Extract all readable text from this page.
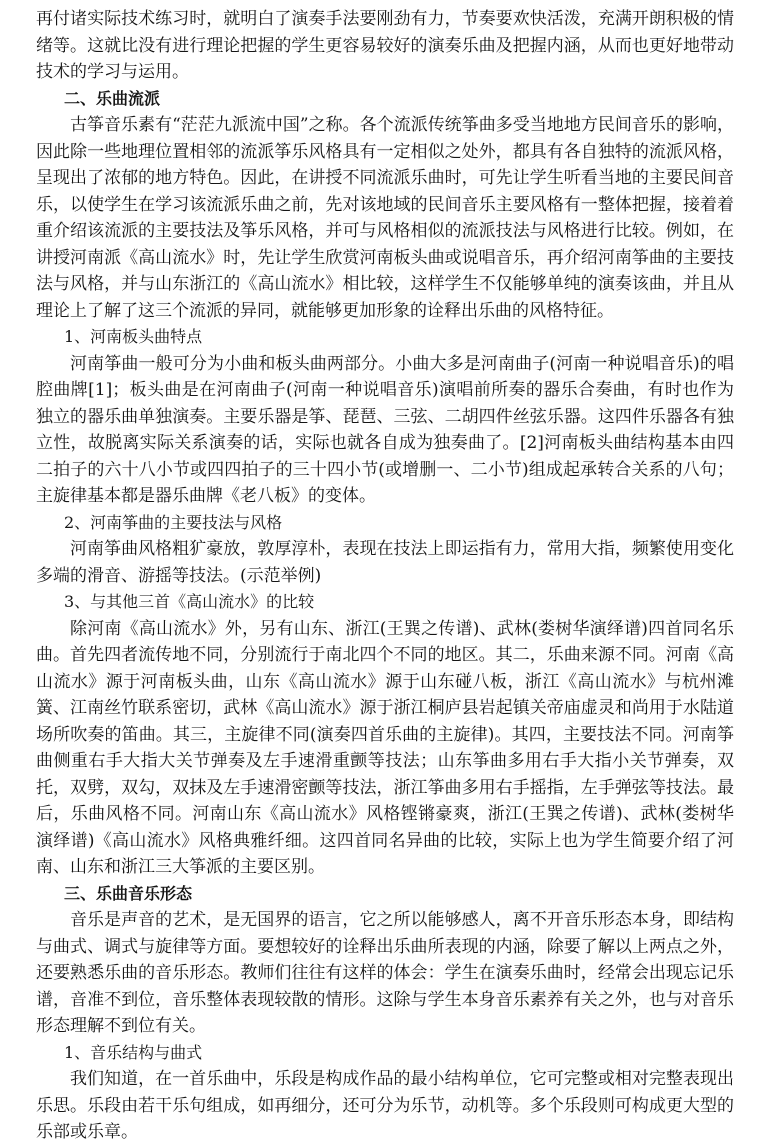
再付诸实际技术练习时，就明白了演奏手法要刚劲有力，节奏要欢快活泼，充满开朗积极的情绪等。这就比没有进行理论把握的学生更容易较好的演奏乐曲及把握内涵，从而也更好地带动技术的学习与运用。

二、乐曲流派

古筝音乐素有“茫茫九派流中国”之称。各个流派传统筝曲多受当地地方民间音乐的影响，因此除一些地理位置相邻的流派筝乐风格具有一定相似之处外，都具有各自独特的流派风格，呈现出了浓郁的地方特色。因此，在讲授不同流派乐曲时，可先让学生听看当地的主要民间音乐，以使学生在学习该流派乐曲之前，先对该地域的民间音乐主要风格有一整体把握，接着着重介绍该流派的主要技法及筝乐风格，并可与风格相似的流派技法与风格进行比较。例如，在讲授河南派《高山流水》时，先让学生欣赏河南板头曲或说唱音乐，再介绍河南筝曲的主要技法与风格，并与山东浙江的《高山流水》相比较，这样学生不仅能够单纯的演奏该曲，并且从理论上了解了这三个流派的异同，就能够更加形象的诠释出乐曲的风格特征。

1、河南板头曲特点

河南筝曲一般可分为小曲和板头曲两部分。小曲大多是河南曲子(河南一种说唱音乐)的唱腔曲牌[1]；板头曲是在河南曲子(河南一种说唱音乐)演唱前所奏的器乐合奏曲，有时也作为独立的器乐曲单独演奏。主要乐器是筝、琵琶、三弦、二胡四件丝弦乐器。这四件乐器各有独立性，故脱离实际关系演奏的话，实际也就各自成为独奏曲了。[2]河南板头曲结构基本由四二拍子的六十八小节或四四拍子的三十四小节(或增删一、二小节)组成起承转合关系的八句；主旋律基本都是器乐曲牌《老八板》的变体。

2、河南筝曲的主要技法与风格

河南筝曲风格粗犷豪放，敦厚淳朴，表现在技法上即运指有力，常用大指，频繁使用变化多端的滑音、游摇等技法。(示范举例)

3、与其他三首《高山流水》的比较

除河南《高山流水》外，另有山东、浙江(王巽之传谱)、武林(娄树华演绎谱)四首同名乐曲。首先四者流传地不同，分别流行于南北四个不同的地区。其二，乐曲来源不同。河南《高山流水》源于河南板头曲，山东《高山流水》源于山东碰八板，浙江《高山流水》与杭州滩簧、江南丝竹联系密切，武林《高山流水》源于浙江桐庐县岩起镇关帝庙虚灵和尚用于水陆道场所吹奏的笛曲。其三，主旋律不同(演奏四首乐曲的主旋律)。其四，主要技法不同。河南筝曲侧重右手大指大关节弹奏及左手速滑重颤等技法；山东筝曲多用右手大指小关节弹奏，双托，双劈，双勾，双抹及左手速滑密颤等技法，浙江筝曲多用右手摇指，左手弹弦等技法。最后，乐曲风格不同。河南山东《高山流水》风格铿锵豪爽，浙江(王巽之传谱)、武林(娄树华演绎谱)《高山流水》风格典雅纤细。这四首同名异曲的比较，实际上也为学生简要介绍了河南、山东和浙江三大筝派的主要区别。

三、乐曲音乐形态

音乐是声音的艺术，是无国界的语言，它之所以能够感人，离不开音乐形态本身，即结构与曲式、调式与旋律等方面。要想较好的诠释出乐曲所表现的内涵，除要了解以上两点之外，还要熟悉乐曲的音乐形态。教师们往往有这样的体会：学生在演奏乐曲时，经常会出现忘记乐谱，音准不到位，音乐整体表现较散的情形。这除与学生本身音乐素养有关之外，也与对音乐形态理解不到位有关。

1、音乐结构与曲式

我们知道，在一首乐曲中，乐段是构成作品的最小结构单位，它可完整或相对完整表现出乐思。乐段由若干乐句组成，如再细分，还可分为乐节，动机等。多个乐段则可构成更大型的乐部或乐章。
